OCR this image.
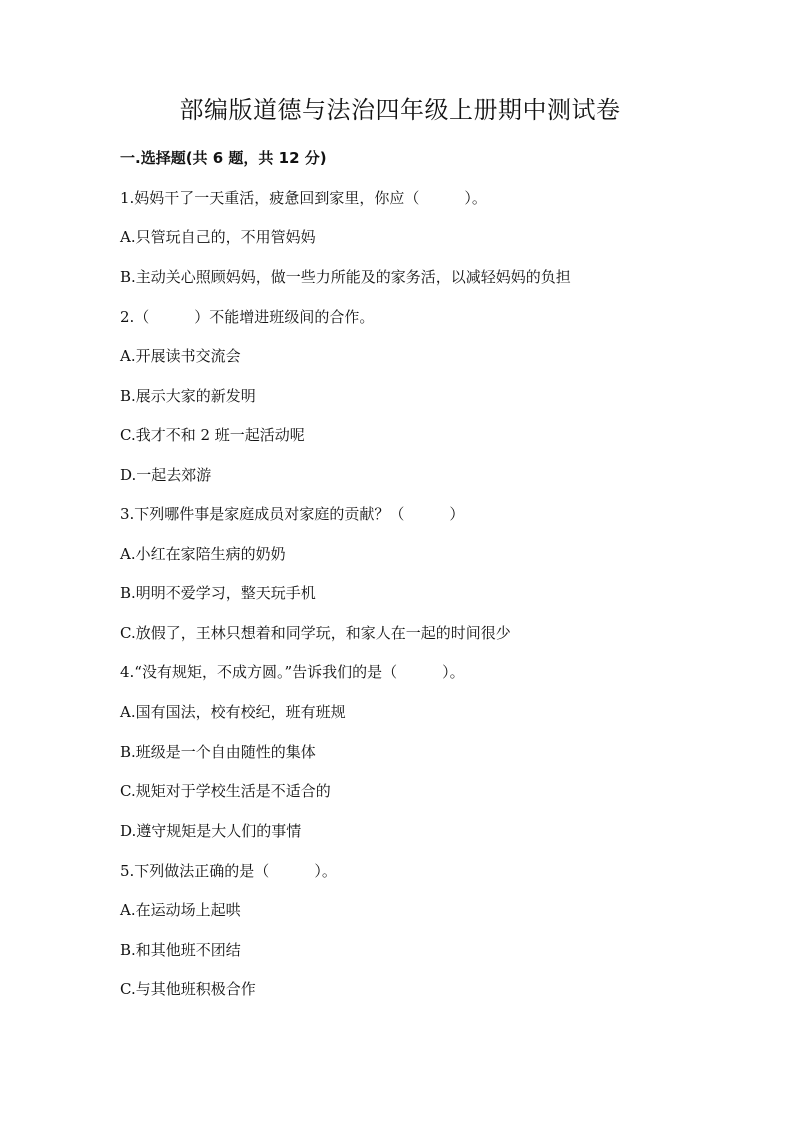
部编版道德与法治四年级上册期中测试卷
一.选择题(共 6 题，共 12 分)
1.妈妈干了一天重活，疲惫回到家里，你应（　　　）。
A.只管玩自己的，不用管妈妈
B.主动关心照顾妈妈，做一些力所能及的家务活，以减轻妈妈的负担
2.（　　　）不能增进班级间的合作。
A.开展读书交流会
B.展示大家的新发明
C.我才不和 2 班一起活动呢
D.一起去郊游
3.下列哪件事是家庭成员对家庭的贡献？（　　　）
A.小红在家陪生病的奶奶
B.明明不爱学习，整天玩手机
C.放假了，王林只想着和同学玩，和家人在一起的时间很少
4.“没有规矩，不成方圆。”告诉我们的是（　　　）。
A.国有国法，校有校纪，班有班规
B.班级是一个自由随性的集体
C.规矩对于学校生活是不适合的
D.遵守规矩是大人们的事情
5.下列做法正确的是（　　　）。
A.在运动场上起哄
B.和其他班不团结
C.与其他班积极合作
